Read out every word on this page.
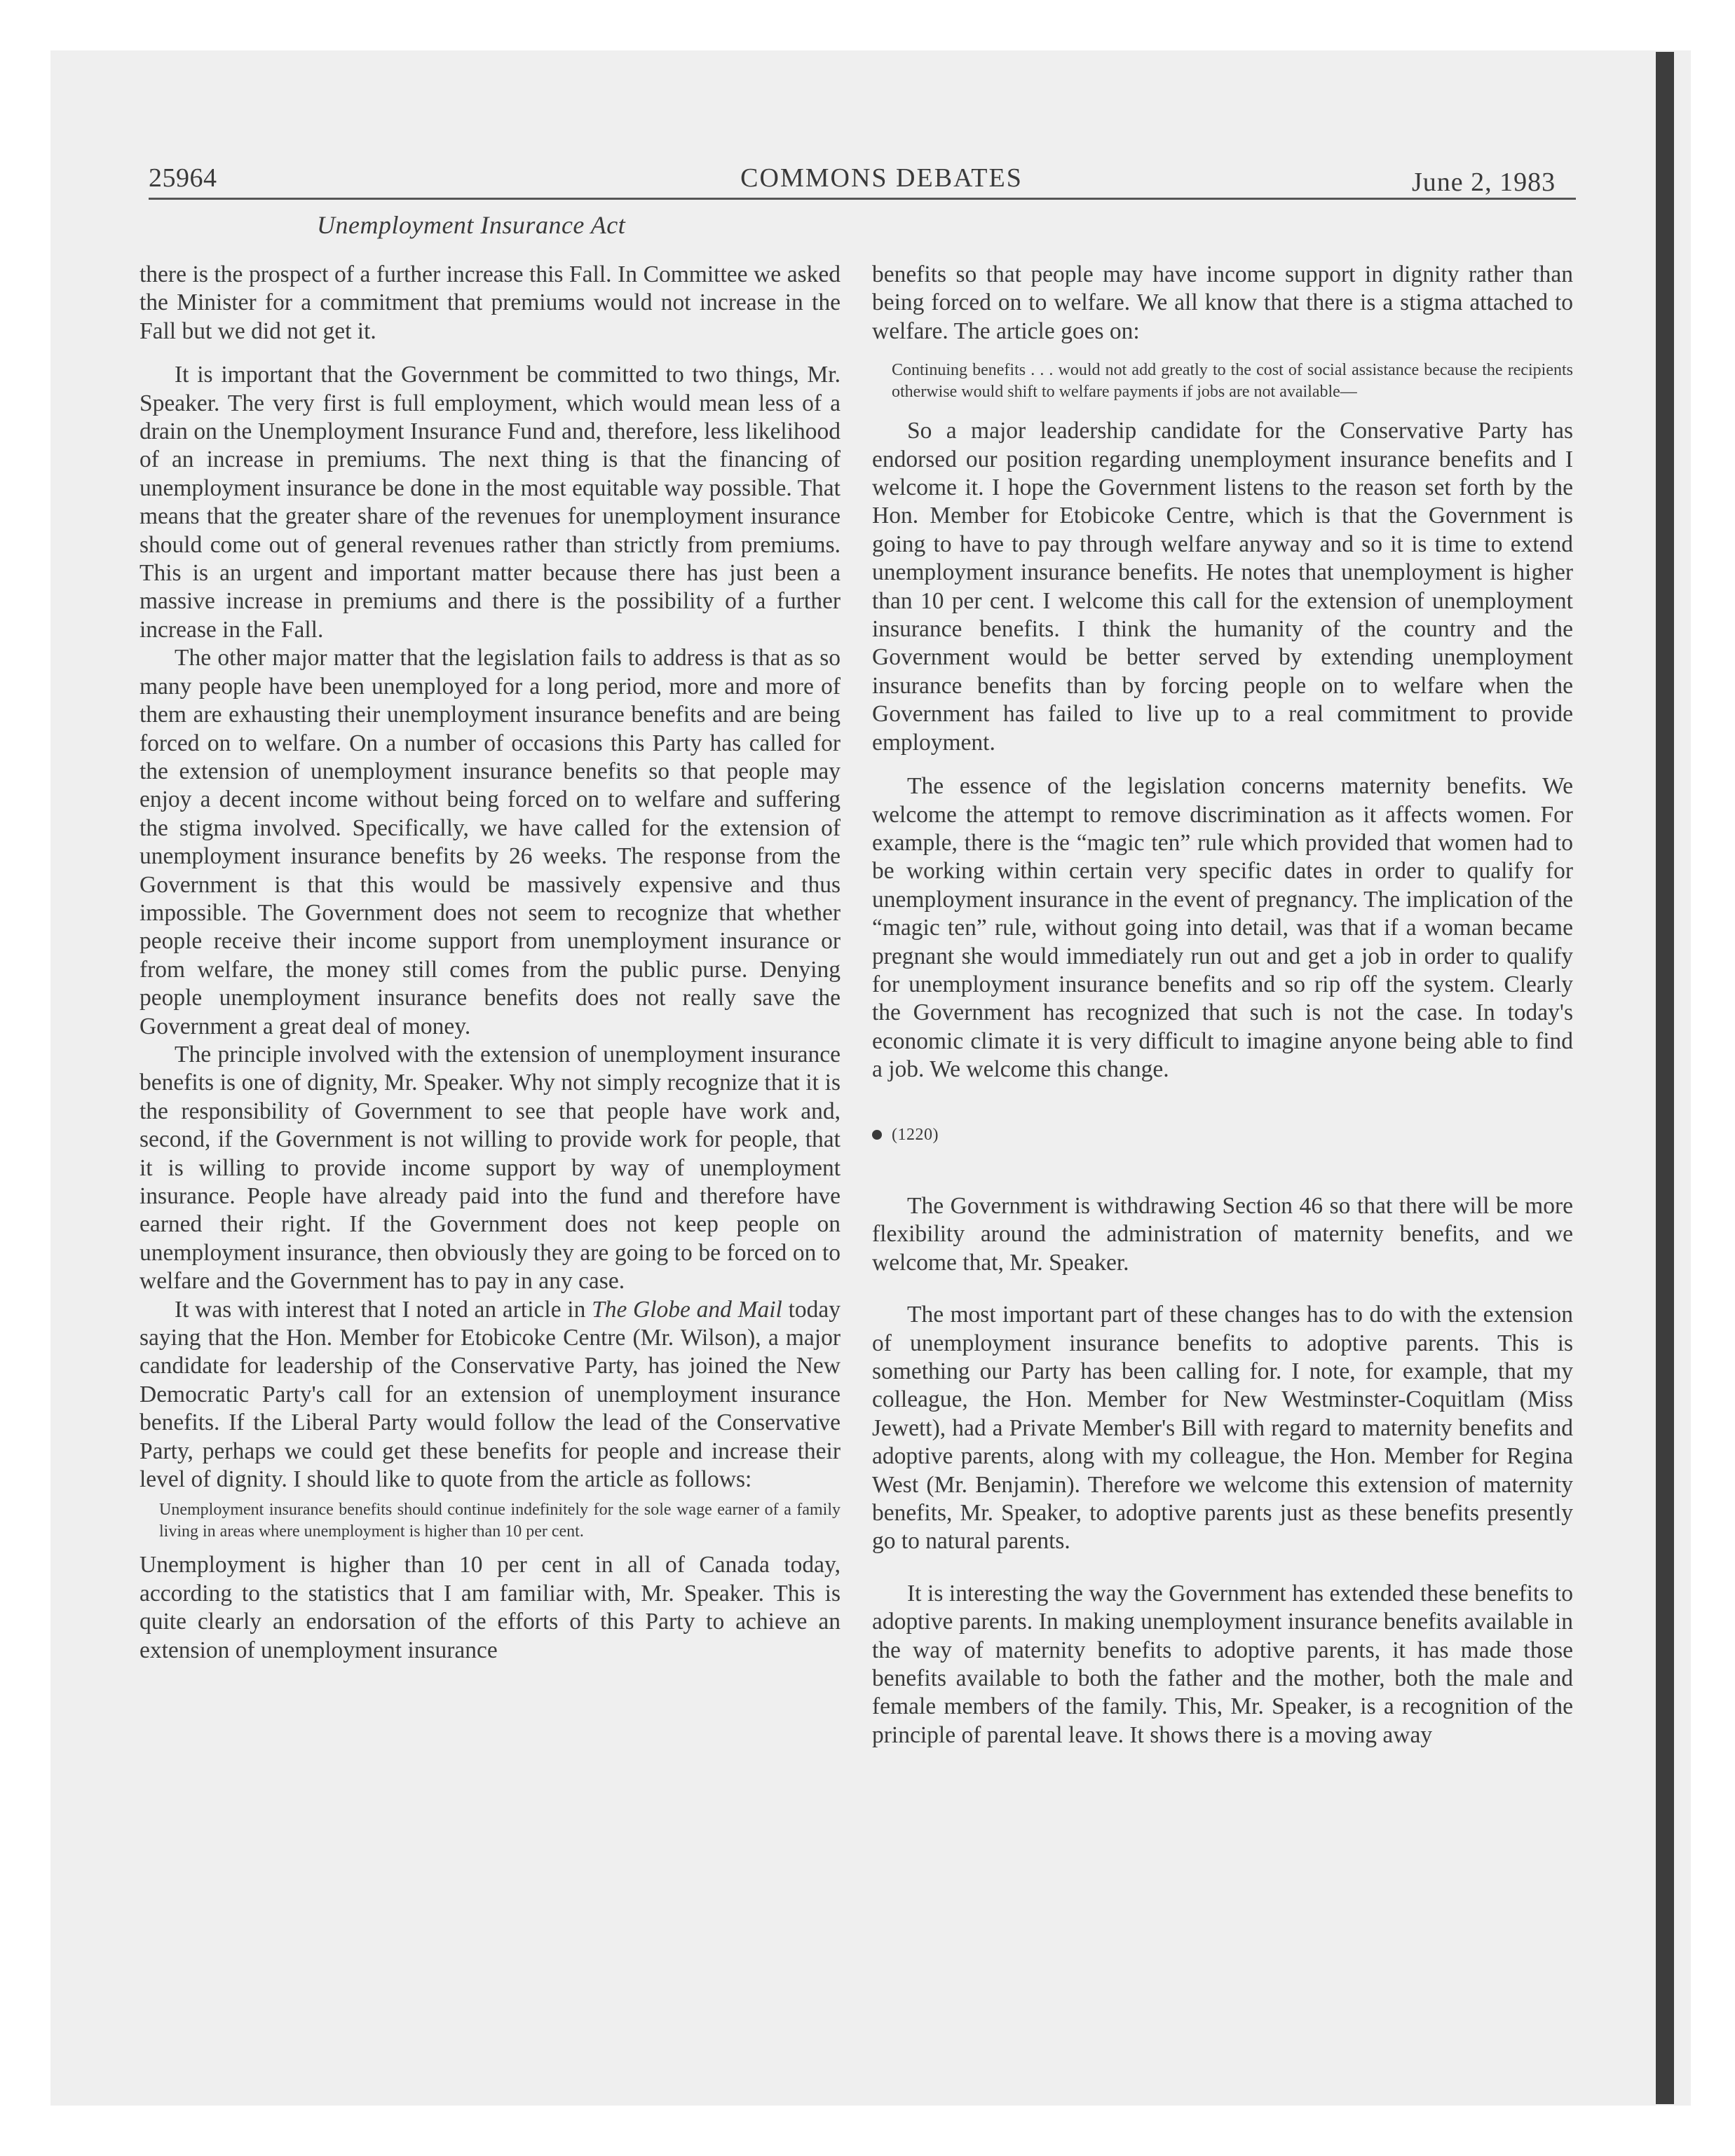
25964	COMMONS DEBATES	June 2, 1983
Unemployment Insurance Act

there is the prospect of a further increase this Fall. In Committee we asked the Minister for a commitment that premiums would not increase in the Fall but we did not get it.

It is important that the Government be committed to two things, Mr. Speaker. The very first is full employment, which would mean less of a drain on the Unemployment Insurance Fund and, therefore, less likelihood of an increase in premiums. The next thing is that the financing of unemployment insurance be done in the most equitable way possible. That means that the greater share of the revenues for unemployment insurance should come out of general revenues rather than strictly from premiums. This is an urgent and important matter because there has just been a massive increase in premiums and there is the possibility of a further increase in the Fall.

The other major matter that the legislation fails to address is that as so many people have been unemployed for a long period, more and more of them are exhausting their unemployment insurance benefits and are being forced on to welfare. On a number of occasions this Party has called for the extension of unemployment insurance benefits so that people may enjoy a decent income without being forced on to welfare and suffering the stigma involved. Specifically, we have called for the extension of unemployment insurance benefits by 26 weeks. The response from the Government is that this would be massively expensive and thus impossible. The Government does not seem to recognize that whether people receive their income support from unemployment insurance or from welfare, the money still comes from the public purse. Denying people unemployment insurance benefits does not really save the Government a great deal of money.

The principle involved with the extension of unemployment insurance benefits is one of dignity, Mr. Speaker. Why not simply recognize that it is the responsibility of Government to see that people have work and, second, if the Government is not willing to provide work for people, that it is willing to provide income support by way of unemployment insurance. People have already paid into the fund and therefore have earned their right. If the Government does not keep people on unemployment insurance, then obviously they are going to be forced on to welfare and the Government has to pay in any case.

It was with interest that I noted an article in The Globe and Mail today saying that the Hon. Member for Etobicoke Centre (Mr. Wilson), a major candidate for leadership of the Conservative Party, has joined the New Democratic Party's call for an extension of unemployment insurance benefits. If the Liberal Party would follow the lead of the Conservative Party, perhaps we could get these benefits for people and increase their level of dignity. I should like to quote from the article as follows:

Unemployment insurance benefits should continue indefinitely for the sole wage earner of a family living in areas where unemployment is higher than 10 per cent.

Unemployment is higher than 10 per cent in all of Canada today, according to the statistics that I am familiar with, Mr. Speaker. This is quite clearly an endorsation of the efforts of this Party to achieve an extension of unemployment insurance

benefits so that people may have income support in dignity rather than being forced on to welfare. We all know that there is a stigma attached to welfare. The article goes on:

Continuing benefits . . . would not add greatly to the cost of social assistance because the recipients otherwise would shift to welfare payments if jobs are not available—

So a major leadership candidate for the Conservative Party has endorsed our position regarding unemployment insurance benefits and I welcome it. I hope the Government listens to the reason set forth by the Hon. Member for Etobicoke Centre, which is that the Government is going to have to pay through welfare anyway and so it is time to extend unemployment insurance benefits. He notes that unemployment is higher than 10 per cent. I welcome this call for the extension of unemployment insurance benefits. I think the humanity of the country and the Government would be better served by extending unemployment insurance benefits than by forcing people on to welfare when the Government has failed to live up to a real commitment to provide employment.

The essence of the legislation concerns maternity benefits. We welcome the attempt to remove discrimination as it affects women. For example, there is the “magic ten” rule which provided that women had to be working within certain very specific dates in order to qualify for unemployment insurance in the event of pregnancy. The implication of the “magic ten” rule, without going into detail, was that if a woman became pregnant she would immediately run out and get a job in order to qualify for unemployment insurance benefits and so rip off the system. Clearly the Government has recognized that such is not the case. In today's economic climate it is very difficult to imagine anyone being able to find a job. We welcome this change.

(1220)

The Government is withdrawing Section 46 so that there will be more flexibility around the administration of maternity benefits, and we welcome that, Mr. Speaker.

The most important part of these changes has to do with the extension of unemployment insurance benefits to adoptive parents. This is something our Party has been calling for. I note, for example, that my colleague, the Hon. Member for New Westminster-Coquitlam (Miss Jewett), had a Private Member's Bill with regard to maternity benefits and adoptive parents, along with my colleague, the Hon. Member for Regina West (Mr. Benjamin). Therefore we welcome this extension of maternity benefits, Mr. Speaker, to adoptive parents just as these benefits presently go to natural parents.

It is interesting the way the Government has extended these benefits to adoptive parents. In making unemployment insurance benefits available in the way of maternity benefits to adoptive parents, it has made those benefits available to both the father and the mother, both the male and female members of the family. This, Mr. Speaker, is a recognition of the principle of parental leave. It shows there is a moving away
